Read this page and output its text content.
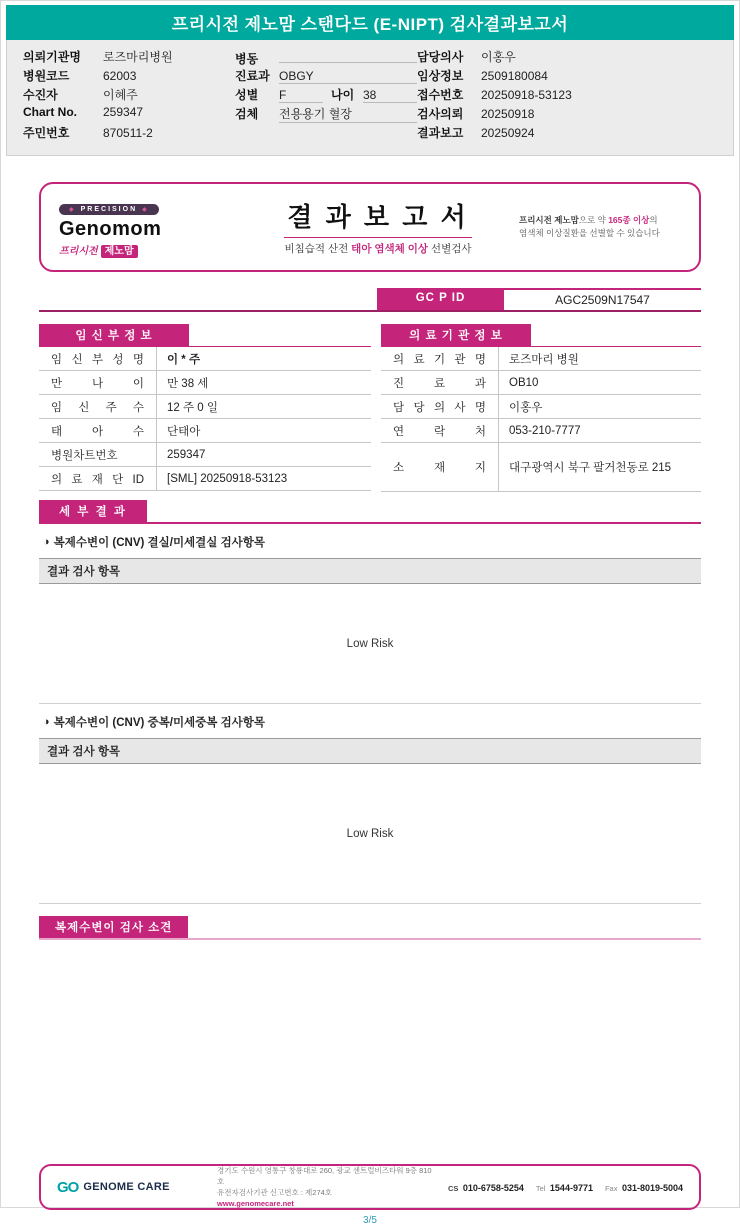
프리시전 제노맘 스탠다드 (E-NIPT) 검사결과보고서
의뢰기관명	로즈마리병원
병원코드	62003
수진자	이혜주
Chart No.	259347
주민번호	870511-2
병동
진료과 OBGY
성별	F	나이 38
검체	전용용기 혈장
담당의사	이홍우
임상정보	2509180084
접수번호	20250918-53123
검사의뢰	20250918
결과보고	20250924
◆ PRECISION ◆
Genomom
프리시전 제노맘
결 과 보 고 서
비침습적 산전 태아 염색체 이상 선별검사
프리시전 제노맘으로 약 165종 이상의
염색체 이상질환을 선별할 수 있습니다
GC P ID	AGC2509N17547
임 신 부 정 보
임 신 부 성 명	이 * 주
만 나 이	만 38 세
임 신 주 수	12 주 0 일
태 아 수	단태아
병원차트번호	259347
의 료 재 단 ID	[SML] 20250918-53123
의 료 기 관 정 보
의 료 기 관 명	로즈마리 병원
진 료 과	OB10
담 당 의 사 명	이홍우
연 락 처	053-210-7777
소 재 지	대구광역시 북구 팔거천동로 215
세 부 결 과
◑ 복제수변이 (CNV) 결실/미세결실 검사항목
결과 검사 항목
Low Risk
◑ 복제수변이 (CNV) 중복/미세중복 검사항목
결과 검사 항목
Low Risk
복제수변이 검사 소견
GO GENOME CARE
경기도 수원시 영통구 창룡대로 260, 광교 센트럴비즈타워 9층 810호
유전자검사기관 신고번호 : 제274호
www.genomecare.net
CS 010-6758-5254 Tel 1544-9771 Fax 031-8019-5004
3/5
